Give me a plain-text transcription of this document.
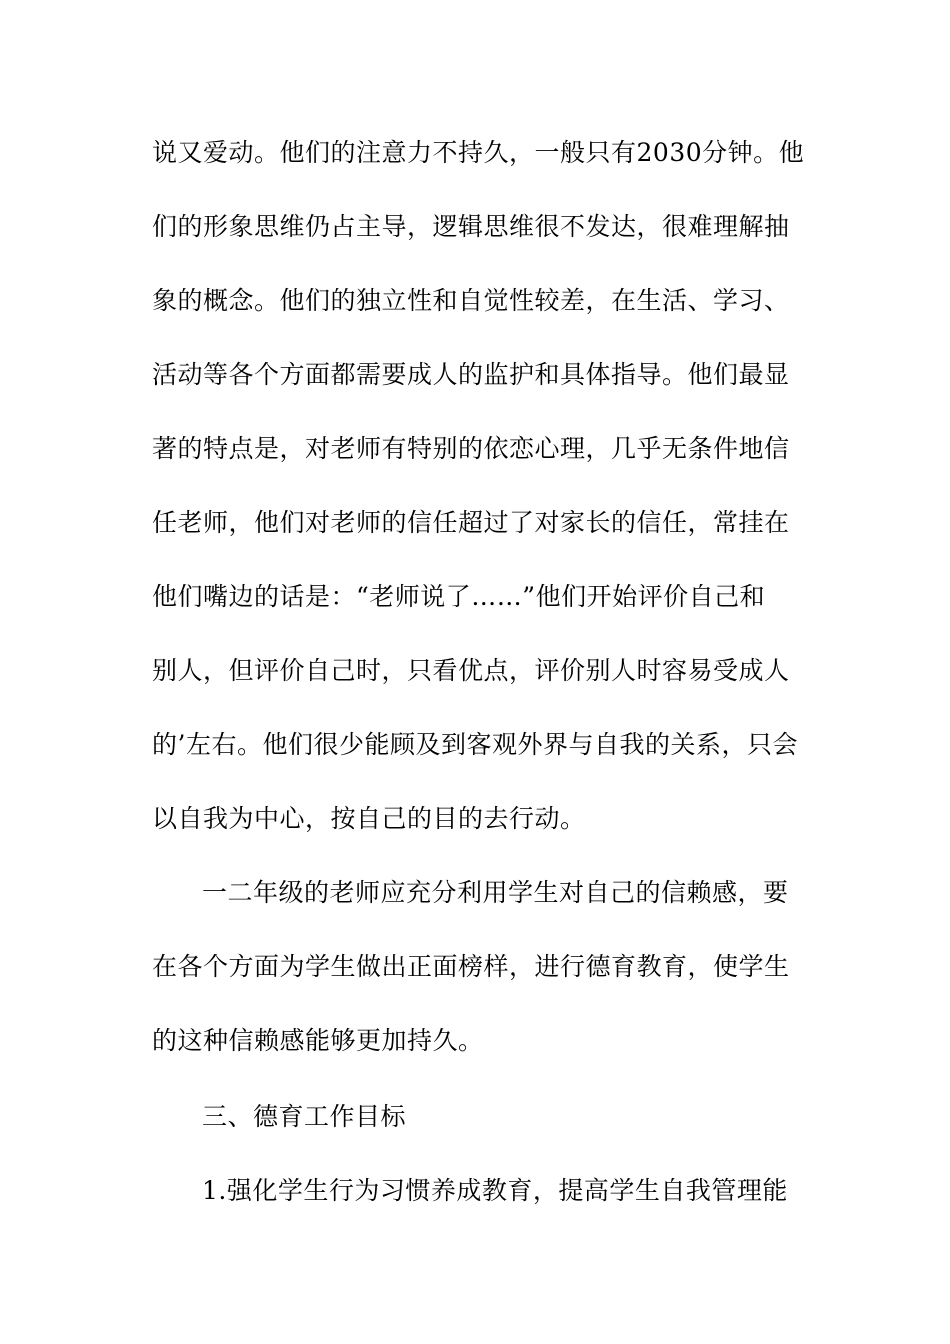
说又爱动。他们的注意力不持久，一般只有2030分钟。他
们的形象思维仍占主导，逻辑思维很不发达，很难理解抽
象的概念。他们的独立性和自觉性较差，在生活、学习、
活动等各个方面都需要成人的监护和具体指导。他们最显
著的特点是，对老师有特别的依恋心理，几乎无条件地信
任老师，他们对老师的信任超过了对家长的信任，常挂在
他们嘴边的话是：“老师说了……”他们开始评价自己和
别人，但评价自己时，只看优点，评价别人时容易受成人
的’左右。他们很少能顾及到客观外界与自我的关系，只会
以自我为中心，按自己的目的去行动。
一二年级的老师应充分利用学生对自己的信赖感，要
在各个方面为学生做出正面榜样，进行德育教育，使学生
的这种信赖感能够更加持久。
三、德育工作目标
1.强化学生行为习惯养成教育，提高学生自我管理能
